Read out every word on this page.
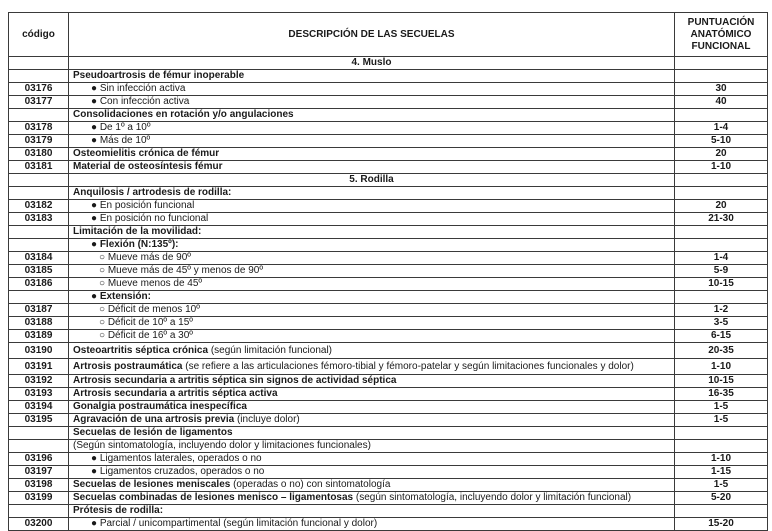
código	DESCRIPCIÓN DE LAS SECUELAS	PUNTUACIÓN
ANATÓMICO
FUNCIONAL

	4. Muslo	
	Pseudoartrosis de fémur inoperable	
03176	● Sin infección activa	30
03177	● Con infección activa	40
	Consolidaciones en rotación y/o angulaciones	
03178	● De 1º a 10º	1-4
03179	● Más de 10º	5-10
03180	Osteomielitis crónica de fémur	20
03181	Material de osteosíntesis fémur	1-10
	5. Rodilla	
	Anquilosis / artrodesis de rodilla:	
03182	● En posición funcional	20
03183	● En posición no funcional	21-30
	Limitación de la movilidad:	
	● Flexión (N:135º):	
03184	○ Mueve más de 90º	1-4
03185	○ Mueve más de 45º y menos de 90º	5-9
03186	○ Mueve menos de 45º	10-15
	● Extensión:	
03187	○ Déficit de menos 10º	1-2
03188	○ Déficit de 10º a 15º	3-5
03189	○ Déficit de 16º a 30º	6-15
03190	Osteoartritis séptica crónica (según limitación funcional)	20-35
03191	Artrosis postraumática (se refiere a las articulaciones fémoro-tibial y fémoro-patelar y según limitaciones funcionales y dolor)	1-10
03192	Artrosis secundaria a artritis séptica sin signos de actividad séptica	10-15
03193	Artrosis secundaria a artritis séptica activa	16-35
03194	Gonalgia postraumática inespecífica	1-5
03195	Agravación de una artrosis previa (incluye dolor)	1-5
	Secuelas de lesión de ligamentos	
	(Según sintomatología, incluyendo dolor y limitaciones funcionales)	
03196	● Ligamentos laterales, operados o no	1-10
03197	● Ligamentos cruzados, operados o no	1-15
03198	Secuelas de lesiones meniscales (operadas o no) con sintomatología	1-5
03199	Secuelas combinadas de lesiones menisco – ligamentosas (según sintomatología, incluyendo dolor y limitación funcional)	5-20
	Prótesis de rodilla:	
03200	● Parcial / unicompartimental (según limitación funcional y dolor)	15-20
